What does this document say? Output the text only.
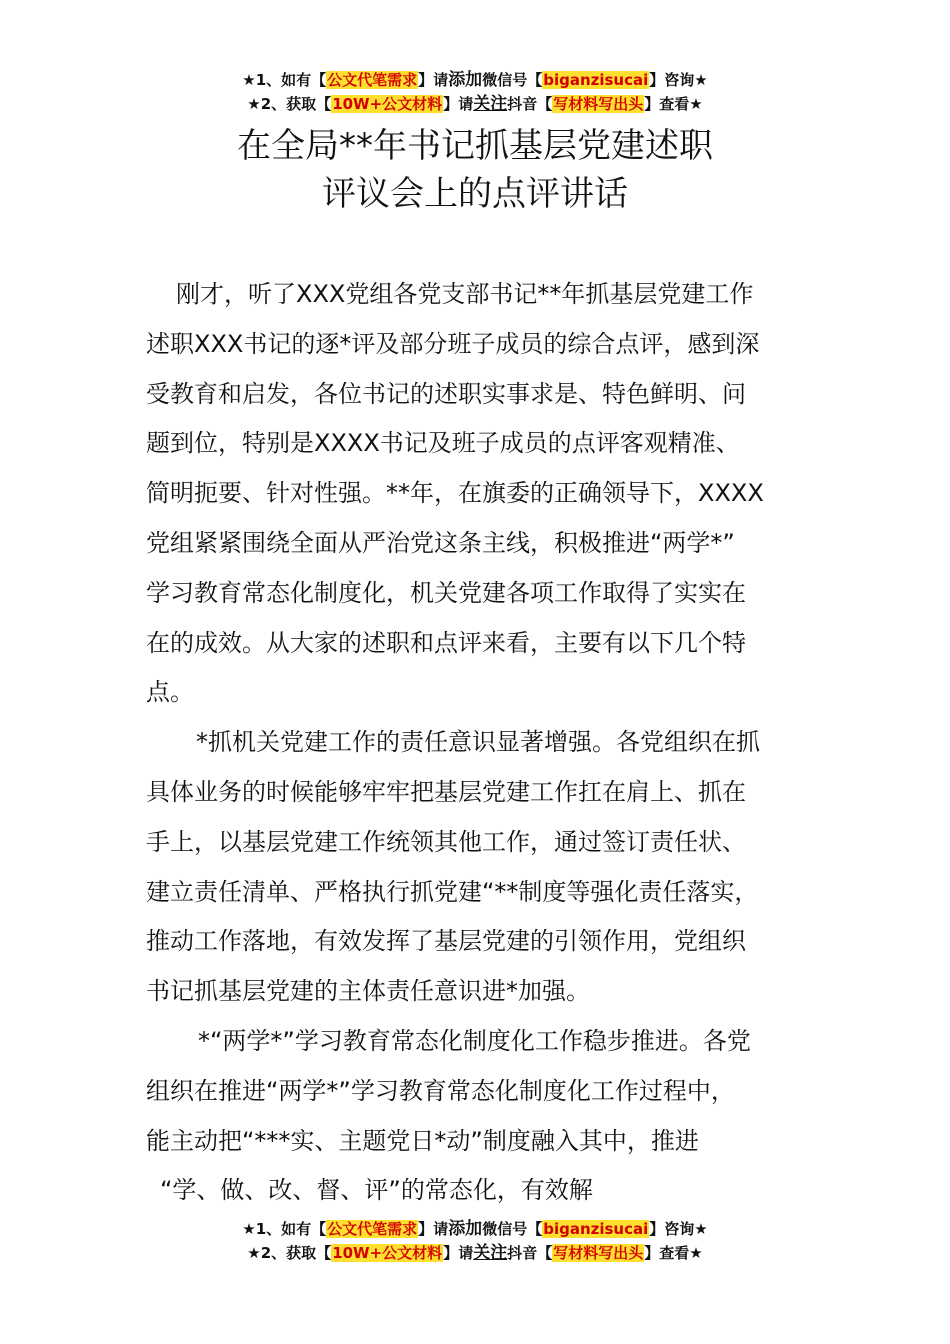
★1、如有【公文代笔需求】请添加微信号【biganzisucai】咨询★
★2、获取【10W+公文材料】请关注抖音【写材料写出头】查看★
在全局**年书记抓基层党建述职
评议会上的点评讲话
刚才，听了XXX党组各党支部书记**年抓基层党建工作
述职XXX书记的逐*评及部分班子成员的综合点评，感到深
受教育和启发，各位书记的述职实事求是、特色鲜明、问
题到位，特别是XXXX书记及班子成员的点评客观精准、
简明扼要、针对性强。**年，在旗委的正确领导下，XXXX
党组紧紧围绕全面从严治党这条主线，积极推进“两学*”
学习教育常态化制度化，机关党建各项工作取得了实实在
在的成效。从大家的述职和点评来看，主要有以下几个特
点。
*抓机关党建工作的责任意识显著增强。各党组织在抓
具体业务的时候能够牢牢把基层党建工作扛在肩上、抓在
手上，以基层党建工作统领其他工作，通过签订责任状、
建立责任清单、严格执行抓党建“**制度等强化责任落实，
推动工作落地，有效发挥了基层党建的引领作用，党组织
书记抓基层党建的主体责任意识进*加强。
*“两学*”学习教育常态化制度化工作稳步推进。各党
组织在推进“两学*”学习教育常态化制度化工作过程中，
能主动把“***实、主题党日*动”制度融入其中，推进
“学、做、改、督、评”的常态化，有效解
★1、如有【公文代笔需求】请添加微信号【biganzisucai】咨询★
★2、获取【10W+公文材料】请关注抖音【写材料写出头】查看★
